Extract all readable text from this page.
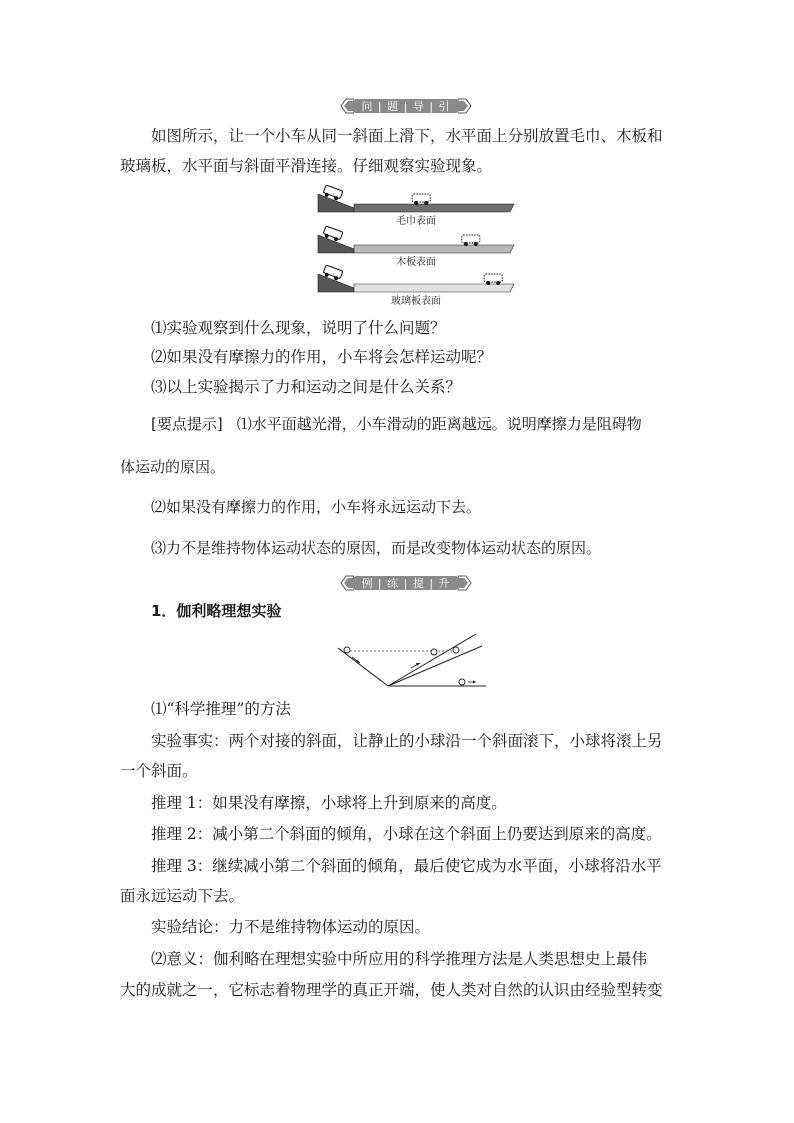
问 | 题 | 导 | 引
如图所示，让一个小车从同一斜面上滑下，水平面上分别放置毛巾、木板和
玻璃板，水平面与斜面平滑连接。仔细观察实验现象。
毛巾表面
木板表面
玻璃板表面
⑴实验观察到什么现象，说明了什么问题？
⑵如果没有摩擦力的作用，小车将会怎样运动呢？
⑶以上实验揭示了力和运动之间是什么关系？
[要点提示] ⑴水平面越光滑，小车滑动的距离越远。说明摩擦力是阻碍物
体运动的原因。
⑵如果没有摩擦力的作用，小车将永远运动下去。
⑶力不是维持物体运动状态的原因，而是改变物体运动状态的原因。
例 | 练 | 提 | 升
1．伽利略理想实验
⑴“科学推理”的方法
实验事实：两个对接的斜面，让静止的小球沿一个斜面滚下，小球将滚上另
一个斜面。
推理 1：如果没有摩擦，小球将上升到原来的高度。
推理 2：减小第二个斜面的倾角，小球在这个斜面上仍要达到原来的高度。
推理 3：继续减小第二个斜面的倾角，最后使它成为水平面，小球将沿水平
面永远运动下去。
实验结论：力不是维持物体运动的原因。
⑵意义：伽利略在理想实验中所应用的科学推理方法是人类思想史上最伟
大的成就之一，它标志着物理学的真正开端，使人类对自然的认识由经验型转变
